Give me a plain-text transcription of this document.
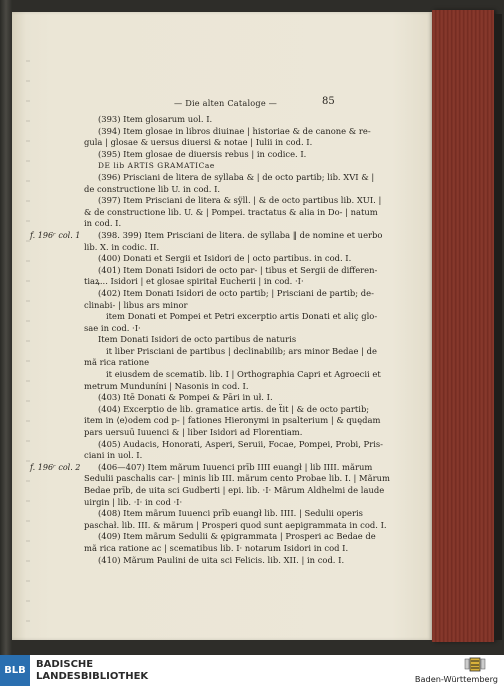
— Die alten Cataloge —	85
(393) Item glosarum uol. I.
(394) Item glosae in libros diuinae | historiae & de canone & re-
gula | glosae & uersus diuersi & notae | Iulii in cod. I.
(395) Item glosae de diuersis rebus | in codice. I.
DE lib ARTIS GRAMATICae
(396) Prisciani de litera de syllaba & | de octo partib; lib. XVI & |
de constructione lib U. in cod. I.
(397) Item Prisciani de litera & sÿll. | & de octo partibus lib. XUI. |
& de constructione lib. U. & | Pompei. tractatus & alia in Do- | natum
in cod. I.
f. 196ʳ col. 1 (398. 399) Item Prisciani de litera. de syllaba ‖ de nomine et uerbo
lib. X. in codic. II.
(400) Donati et Sergii et Isidori de | octo partibus. in cod. I.
(401) Item Donati Isidori de octo par- | tibus et Sergii de differen-
tiaꝝ... Isidori | et glosae spiritał Eucherii | in cod. ·I·
(402) Item Donati Isidori de octo partib; | Prisciani de partib; de-
clinabi- | libus ars minor
item Donati et Pompei et Petri excerptio artis Donati et aliç glo-
sae in cod. ·I·
Item Donati Isidori de octo partibus de naturis
it liber Prisciani de partibus | declinabilib; ars minor Bedae | de
mã rica ratione
it eiusdem de scematib. lib. I | Orthographia Capri et Agroecii et
metrum Munduníni | Nasonis in cod. I.
(403) Itē Donati & Pompei & Pāri in uł. I.
(404) Excerptio de lib. gramatice artis. de ẗit | & de octo partib;
item in ⟨e⟩odem cod p- | fationes Hieronymi in psalterium | & quędam
pars uersuū Iuuenci & | liber Isidori ad Florentiam.
(405) Audacis, Honorati, Asperi, Seruii, Focae, Pompei, Probi, Pris-
ciani in uol. I.
f. 196ʳ col. 2 (406—407) Item mãrum Iuuenci prīb IIII euangł | lib IIII. mãrum
Sedulii paschalis car- | minis lib III. mãrum cento Probae lib. I. | Mãrum
Bedae prīb, de uita sci Gudberti | epi. lib. ·I· Mãrum Aldhelmi de laude
uirgin | lib. ·I· in cod ·I·
(408) Item mãrum Iuuenci prīb euangł lib. IIII. | Sedulii operis
paschał. lib. III. & mãrum | Prosperi quod sunt aepigrammata in cod. I.
(409) Item mãrum Sedulii & ępigrammata | Prosperi ac Bedae de
mã rica ratione ac | scematibus lib. I· notarum Isidori in cod I.
(410) Mãrum Paulini de uita sci Felicis. lib. XII. | in cod. I.
BLB
BADISCHE
LANDESBIBLIOTHEK	Baden-Württemberg
